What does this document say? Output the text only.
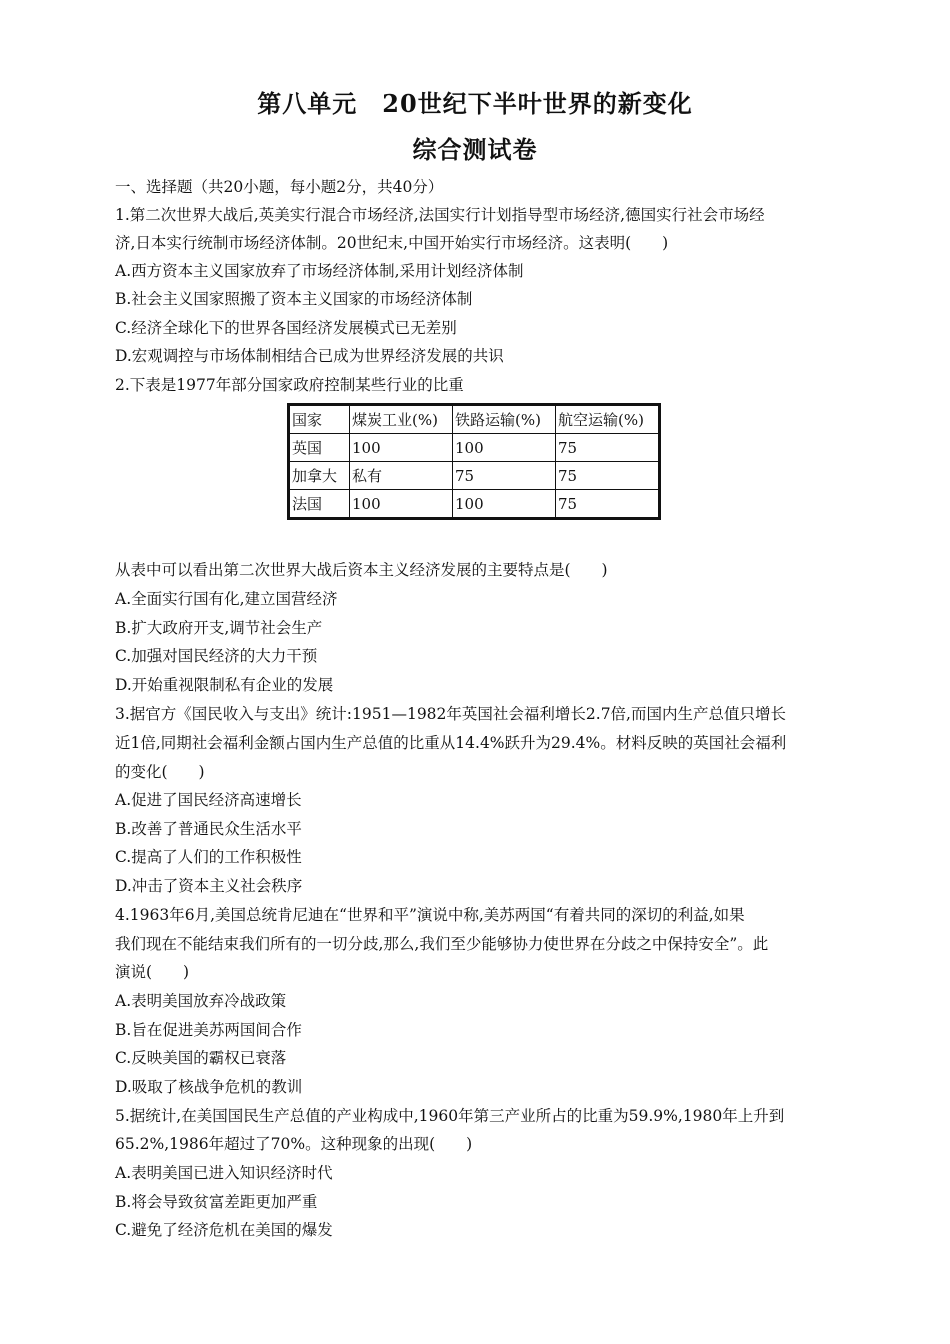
第八单元　20世纪下半叶世界的新变化
综合测试卷
一、选择题（共20小题，每小题2分，共40分）
1.第二次世界大战后,英美实行混合市场经济,法国实行计划指导型市场经济,德国实行社会市场经
济,日本实行统制市场经济体制。20世纪末,中国开始实行市场经济。这表明(　　)
A.西方资本主义国家放弃了市场经济体制,采用计划经济体制
B.社会主义国家照搬了资本主义国家的市场经济体制
C.经济全球化下的世界各国经济发展模式已无差别
D.宏观调控与市场体制相结合已成为世界经济发展的共识
2.下表是1977年部分国家政府控制某些行业的比重
国家	煤炭工业(%)	铁路运输(%)	航空运输(%)
英国	100	100	75
加拿大	私有	75	75
法国	100	100	75
从表中可以看出第二次世界大战后资本主义经济发展的主要特点是(　　)
A.全面实行国有化,建立国营经济
B.扩大政府开支,调节社会生产
C.加强对国民经济的大力干预
D.开始重视限制私有企业的发展
3.据官方《国民收入与支出》统计:1951—1982年英国社会福利增长2.7倍,而国内生产总值只增长
近1倍,同期社会福利金额占国内生产总值的比重从14.4%跃升为29.4%。材料反映的英国社会福利
的变化(　　)
A.促进了国民经济高速增长
B.改善了普通民众生活水平
C.提高了人们的工作积极性
D.冲击了资本主义社会秩序
4.1963年6月,美国总统肯尼迪在“世界和平”演说中称,美苏两国“有着共同的深切的利益,如果
我们现在不能结束我们所有的一切分歧,那么,我们至少能够协力使世界在分歧之中保持安全”。此
演说(　　)
A.表明美国放弃冷战政策
B.旨在促进美苏两国间合作
C.反映美国的霸权已衰落
D.吸取了核战争危机的教训
5.据统计,在美国国民生产总值的产业构成中,1960年第三产业所占的比重为59.9%,1980年上升到
65.2%,1986年超过了70%。这种现象的出现(　　)
A.表明美国已进入知识经济时代
B.将会导致贫富差距更加严重
C.避免了经济危机在美国的爆发
